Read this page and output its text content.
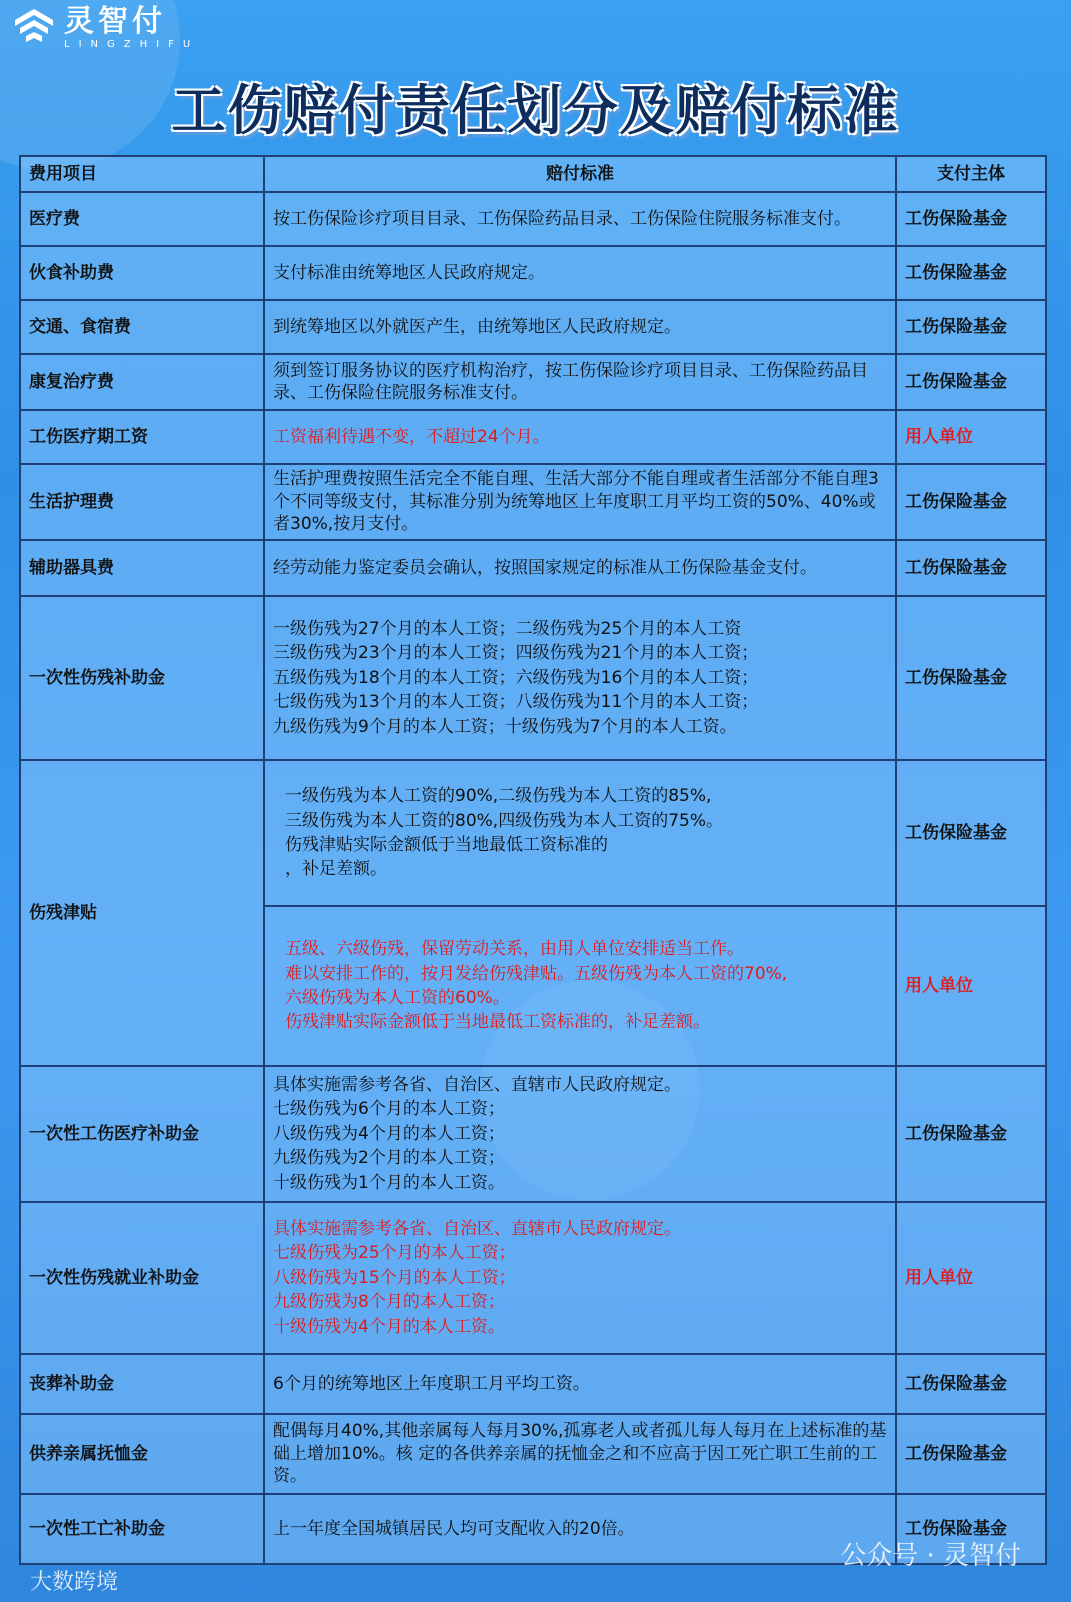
灵智付
LINGZHIFU
工伤赔付责任划分及赔付标准
费用项目	赔付标准	支付主体
医疗费	按工伤保险诊疗项目目录、工伤保险药品目录、工伤保险住院服务标准支付。	工伤保险基金
伙食补助费	支付标准由统筹地区人民政府规定。	工伤保险基金
交通、食宿费	到统筹地区以外就医产生，由统筹地区人民政府规定。	工伤保险基金
康复治疗费	须到签订服务协议的医疗机构治疗，按工伤保险诊疗项目目录、工伤保险药品目录、工伤保险住院服务标准支付。	工伤保险基金
工伤医疗期工资	工资福利待遇不变，不超过24个月。	用人单位
生活护理费	生活护理费按照生活完全不能自理、生活大部分不能自理或者生活部分不能自理3个不同等级支付，其标准分别为统筹地区上年度职工月平均工资的50%、40%或者30%,按月支付。	工伤保险基金
辅助器具费	经劳动能力鉴定委员会确认，按照国家规定的标准从工伤保险基金支付。	工伤保险基金
一次性伤残补助金	一级伤残为27个月的本人工资；二级伤残为25个月的本人工资
三级伤残为23个月的本人工资；四级伤残为21个月的本人工资；
五级伤残为18个月的本人工资；六级伤残为16个月的本人工资；
七级伤残为13个月的本人工资；八级伤残为11个月的本人工资；
九级伤残为9个月的本人工资；十级伤残为7个月的本人工资。	工伤保险基金
伤残津贴	一级伤残为本人工资的90%,二级伤残为本人工资的85%,
三级伤残为本人工资的80%,四级伤残为本人工资的75%。
伤残津贴实际金额低于当地最低工资标准的
，补足差额。	工伤保险基金

	五级、六级伤残，保留劳动关系，由用人单位安排适当工作。
难以安排工作的，按月发给伤残津贴。五级伤残为本人工资的70%,
六级伤残为本人工资的60%。
伤残津贴实际金额低于当地最低工资标准的，补足差额。	用人单位
一次性工伤医疗补助金	具体实施需参考各省、自治区、直辖市人民政府规定。
七级伤残为6个月的本人工资；
八级伤残为4个月的本人工资；
九级伤残为2个月的本人工资；
十级伤残为1个月的本人工资。	工伤保险基金
一次性伤残就业补助金	具体实施需参考各省、自治区、直辖市人民政府规定。
七级伤残为25个月的本人工资；
八级伤残为15个月的本人工资；
九级伤残为8个月的本人工资；
十级伤残为4个月的本人工资。	用人单位
丧葬补助金	6个月的统筹地区上年度职工月平均工资。	工伤保险基金
供养亲属抚恤金	配偶每月40%,其他亲属每人每月30%,孤寡老人或者孤儿每人每月在上述标准的基础上增加10%。核 定的各供养亲属的抚恤金之和不应高于因工死亡职工生前的工资。	工伤保险基金
一次性工亡补助金	上一年度全国城镇居民人均可支配收入的20倍。	工伤保险基金
大数跨境
公众号 · 灵智付
